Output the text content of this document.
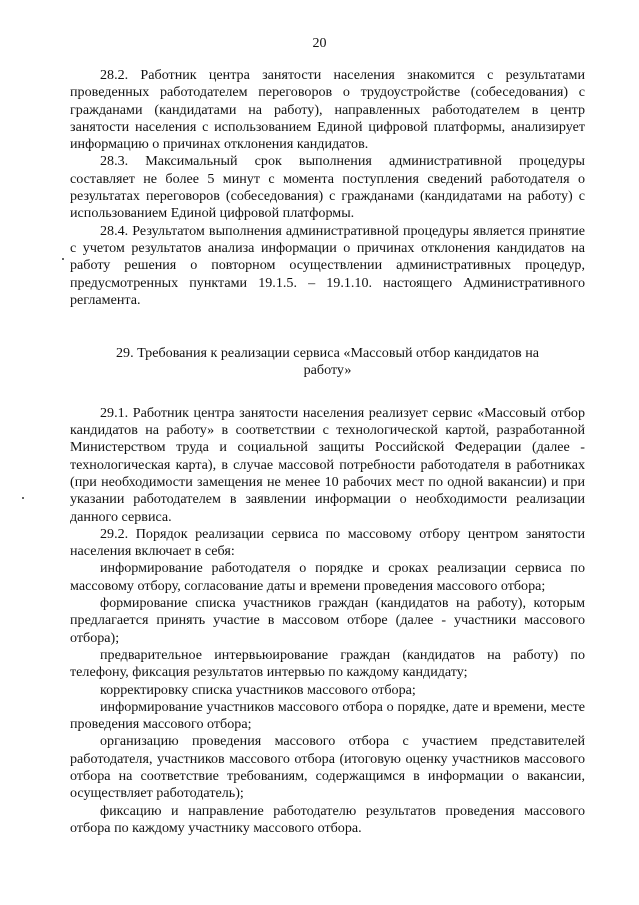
20

28.2. Работник центра занятости населения знакомится с результатами проведенных работодателем переговоров о трудоустройстве (собеседования) с гражданами (кандидатами на работу), направленных работодателем в центр занятости населения с использованием Единой цифровой платформы, анализирует информацию о причинах отклонения кандидатов.

28.3. Максимальный срок выполнения административной процедуры составляет не более 5 минут с момента поступления сведений работодателя о результатах переговоров (собеседования) с гражданами (кандидатами на работу) с использованием Единой цифровой платформы.

28.4. Результатом выполнения административной процедуры является принятие с учетом результатов анализа информации о причинах отклонения кандидатов на работу решения о повторном осуществлении административных процедур, предусмотренных пунктами 19.1.5. – 19.1.10. настоящего Административного регламента.

29. Требования к реализации сервиса «Массовый отбор кандидатов на работу»

29.1. Работник центра занятости населения реализует сервис «Массовый отбор кандидатов на работу» в соответствии с технологической картой, разработанной Министерством труда и социальной защиты Российской Федерации (далее - технологическая карта), в случае массовой потребности работодателя в работниках (при необходимости замещения не менее 10 рабочих мест по одной вакансии) и при указании работодателем в заявлении информации о необходимости реализации данного сервиса.

29.2. Порядок реализации сервиса по массовому отбору центром занятости населения включает в себя:

информирование работодателя о порядке и сроках реализации сервиса по массовому отбору, согласование даты и времени проведения массового отбора;

формирование списка участников граждан (кандидатов на работу), которым предлагается принять участие в массовом отборе (далее - участники массового отбора);

предварительное интервьюирование граждан (кандидатов на работу) по телефону, фиксация результатов интервью по каждому кандидату;

корректировку списка участников массового отбора;

информирование участников массового отбора о порядке, дате и времени, месте проведения массового отбора;

организацию проведения массового отбора с участием представителей работодателя, участников массового отбора (итоговую оценку участников массового отбора на соответствие требованиям, содержащимся в информации о вакансии, осуществляет работодатель);

фиксацию и направление работодателю результатов проведения массового отбора по каждому участнику массового отбора.
